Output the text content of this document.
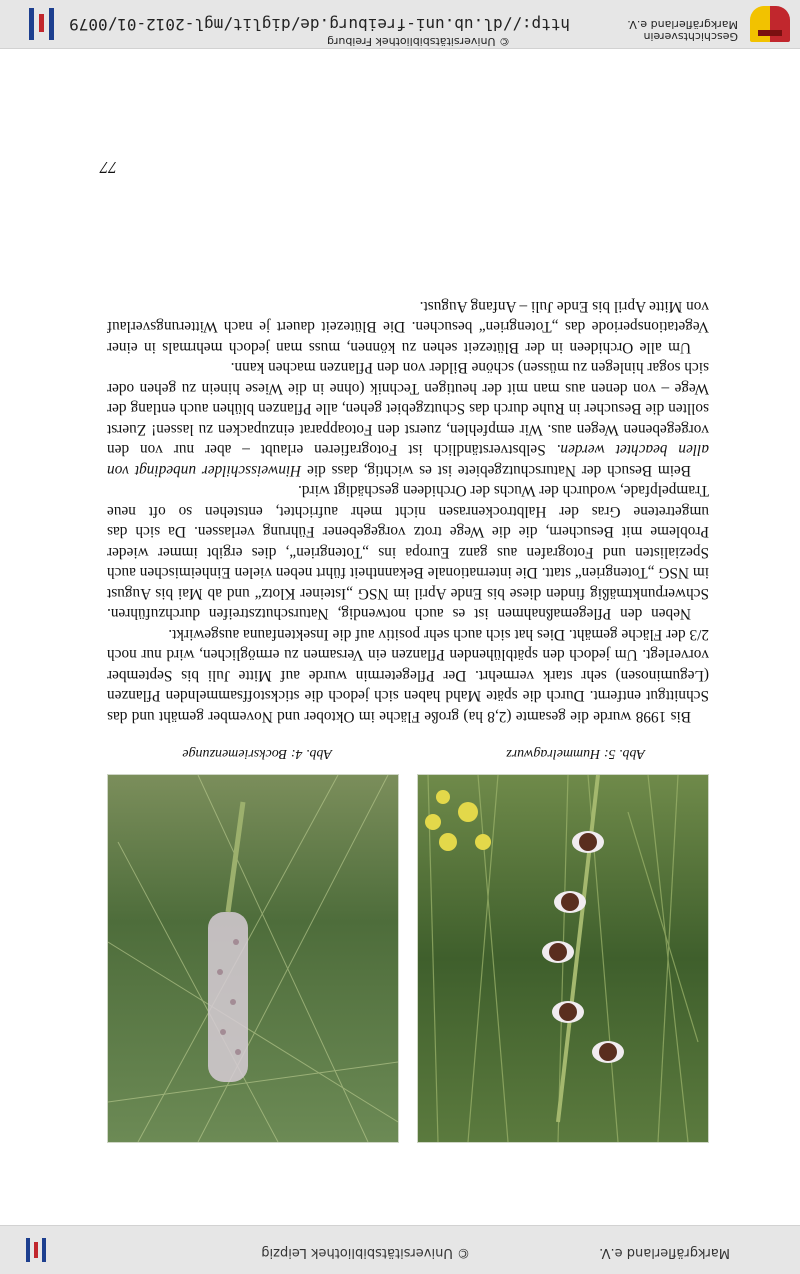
Markgräflerland e.V.
© Universitätsbibliothek Leipzig
Abb. 5: Hummelragwurz
Abb. 4: Bocksriemenzunge

Bis 1998 wurde die gesamte (2,8 ha) große Fläche im Oktober und November gemäht und das Schnittgut entfernt. Durch die späte Mahd haben sich jedoch die stickstoffsammelnden Pflanzen (Leguminosen) sehr stark vermehrt. Der Pflegetermin wurde auf Mitte Juli bis September vorverlegt. Um jedoch den spätblühenden Pflanzen ein Versamen zu ermöglichen, wird nur noch 2/3 der Fläche gemäht. Dies hat sich auch sehr positiv auf die Insektenfauna ausgewirkt.

Neben den Pflegemaßnahmen ist es auch notwendig, Naturschutzstreifen durchzuführen. Schwerpunktmäßig finden diese bis Ende April im NSG „Isteiner Klotz“ und ab Mai bis August im NSG „Totengrien“ statt. Die internationale Bekanntheit führt neben vielen Einheimischen auch Spezialisten und Fotografen aus ganz Europa ins „Totengrien“, dies ergibt immer wieder Probleme mit Besuchern, die die Wege trotz vorgegebener Führung verlassen. Da sich das umgetretene Gras der Halbtrockenrasen nicht mehr aufrichtet, entstehen so oft neue Trampelpfade, wodurch der Wuchs der Orchideen geschädigt wird.

Beim Besuch der Naturschutzgebiete ist es wichtig, dass die Hinweisschilder unbedingt von allen beachtet werden. Selbstverständlich ist Fotografieren erlaubt – aber nur von den vorgegebenen Wegen aus. Wir empfehlen, zuerst den Fotoapparat einzupacken zu lassen! Zuerst sollten die Besucher in Ruhe durch das Schutzgebiet gehen, alle Pflanzen blühen auch entlang der Wege – von denen aus man mit der heutigen Technik (ohne in die Wiese hinein zu gehen oder sich sogar hinlegen zu müssen) schöne Bilder von den Pflanzen machen kann.

Um alle Orchideen in der Blütezeit sehen zu können, muss man jedoch mehrmals in einer Vegetationsperiode das „Totengrien“ besuchen. Die Blütezeit dauert je nach Witterungsverlauf von Mitte April bis Ende Juli – Anfang August.

77
Geschichtsverein
Markgräflerland e.V.
© Universitätsbibliothek Freiburg
http://dl.ub.uni-freiburg.de/diglit/mgl-2012-01/0079
